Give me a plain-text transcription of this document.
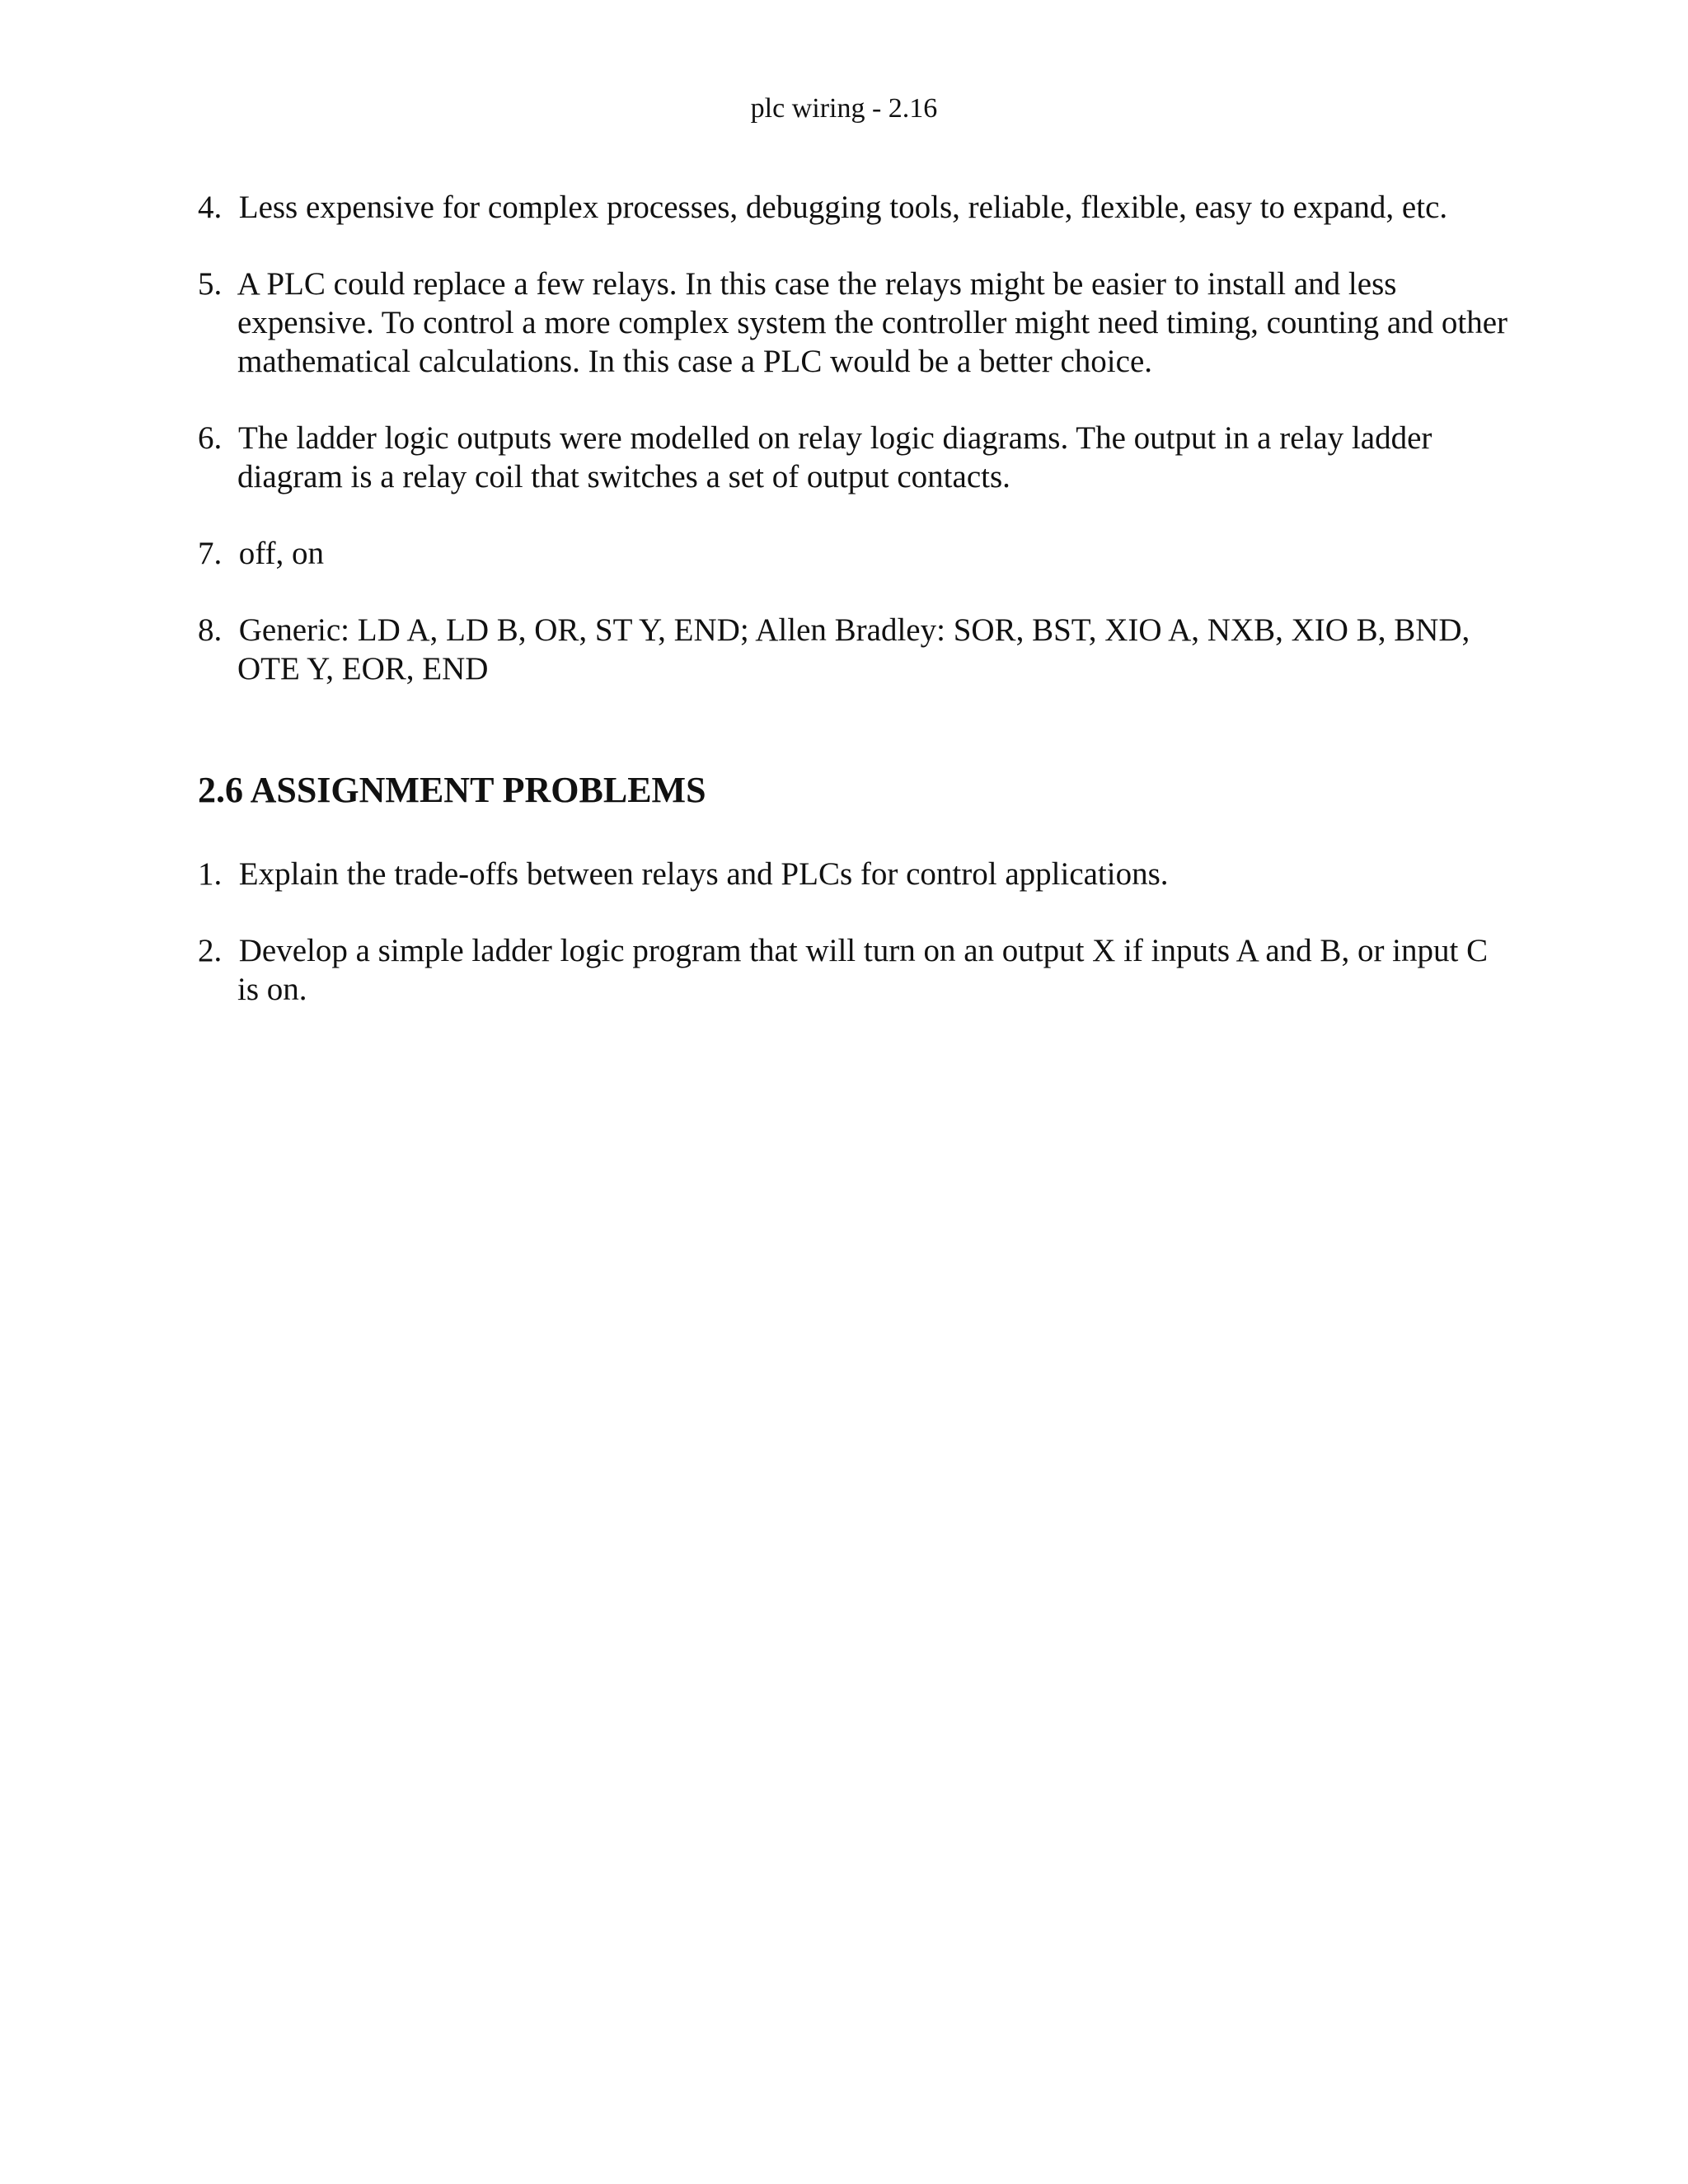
plc wiring - 2.16

4. Less expensive for complex processes, debugging tools, reliable, flexible, easy to expand, etc.

5. A PLC could replace a few relays. In this case the relays might be easier to install and less expensive. To control a more complex system the controller might need timing, counting and other mathematical calculations. In this case a PLC would be a better choice.

6. The ladder logic outputs were modelled on relay logic diagrams. The output in a relay ladder diagram is a relay coil that switches a set of output contacts.

7. off, on

8. Generic: LD A, LD B, OR, ST Y, END; Allen Bradley: SOR, BST, XIO A, NXB, XIO B, BND, OTE Y, EOR, END

2.6 ASSIGNMENT PROBLEMS

1. Explain the trade-offs between relays and PLCs for control applications.

2. Develop a simple ladder logic program that will turn on an output X if inputs A and B, or input C is on.
